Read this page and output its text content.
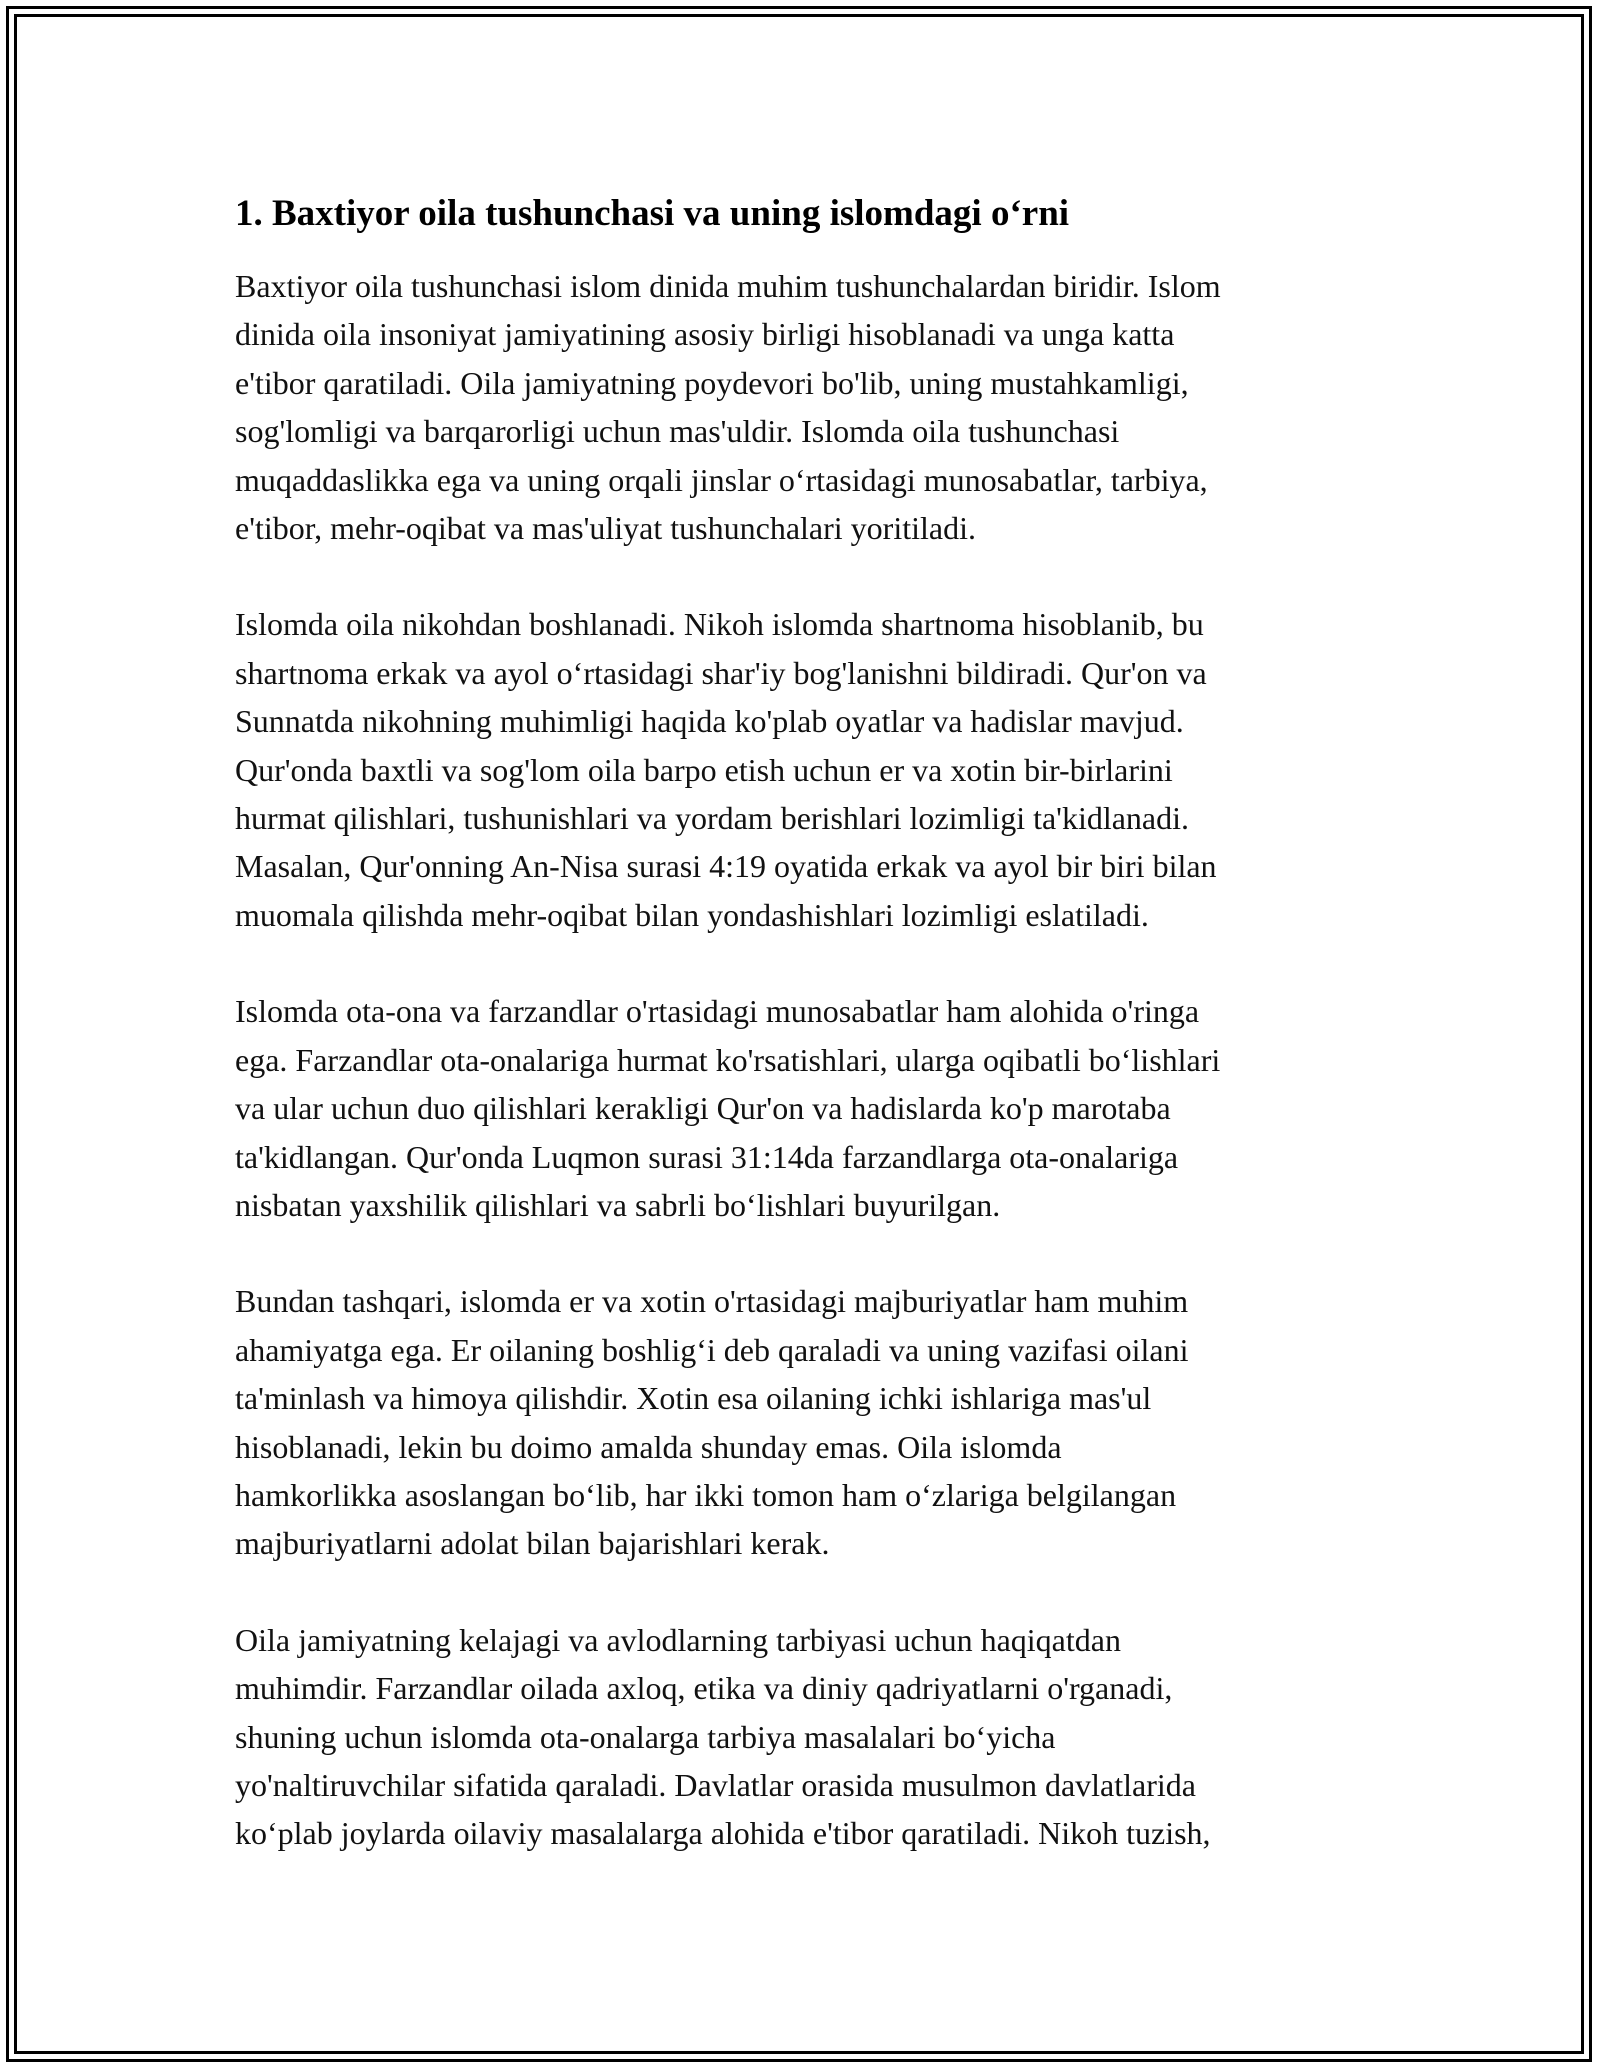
1. Baxtiyor oila tushunchasi va uning islomdagi o‘rni

Baxtiyor oila tushunchasi islom dinida muhim tushunchalardan biridir. Islom
dinida oila insoniyat jamiyatining asosiy birligi hisoblanadi va unga katta
e'tibor qaratiladi. Oila jamiyatning poydevori bo'lib, uning mustahkamligi,
sog'lomligi va barqarorligi uchun mas'uldir. Islomda oila tushunchasi
muqaddaslikka ega va uning orqali jinslar o‘rtasidagi munosabatlar, tarbiya,
e'tibor, mehr-oqibat va mas'uliyat tushunchalari yoritiladi.

Islomda oila nikohdan boshlanadi. Nikoh islomda shartnoma hisoblanib, bu
shartnoma erkak va ayol o‘rtasidagi shar'iy bog'lanishni bildiradi. Qur'on va
Sunnatda nikohning muhimligi haqida ko'plab oyatlar va hadislar mavjud.
Qur'onda baxtli va sog'lom oila barpo etish uchun er va xotin bir-birlarini
hurmat qilishlari, tushunishlari va yordam berishlari lozimligi ta'kidlanadi.
Masalan, Qur'onning An-Nisa surasi 4:19 oyatida erkak va ayol bir biri bilan
muomala qilishda mehr-oqibat bilan yondashishlari lozimligi eslatiladi.

Islomda ota-ona va farzandlar o'rtasidagi munosabatlar ham alohida o'ringa
ega. Farzandlar ota-onalariga hurmat ko'rsatishlari, ularga oqibatli bo‘lishlari
va ular uchun duo qilishlari kerakligi Qur'on va hadislarda ko'p marotaba
ta'kidlangan. Qur'onda Luqmon surasi 31:14da farzandlarga ota-onalariga
nisbatan yaxshilik qilishlari va sabrli bo‘lishlari buyurilgan.

Bundan tashqari, islomda er va xotin o'rtasidagi majburiyatlar ham muhim
ahamiyatga ega. Er oilaning boshlig‘i deb qaraladi va uning vazifasi oilani
ta'minlash va himoya qilishdir. Xotin esa oilaning ichki ishlariga mas'ul
hisoblanadi, lekin bu doimo amalda shunday emas. Oila islomda
hamkorlikka asoslangan bo‘lib, har ikki tomon ham o‘zlariga belgilangan
majburiyatlarni adolat bilan bajarishlari kerak.

Oila jamiyatning kelajagi va avlodlarning tarbiyasi uchun haqiqatdan
muhimdir. Farzandlar oilada axloq, etika va diniy qadriyatlarni o'rganadi,
shuning uchun islomda ota-onalarga tarbiya masalalari bo‘yicha
yo'naltiruvchilar sifatida qaraladi. Davlatlar orasida musulmon davlatlarida
ko‘plab joylarda oilaviy masalalarga alohida e'tibor qaratiladi. Nikoh tuzish,
